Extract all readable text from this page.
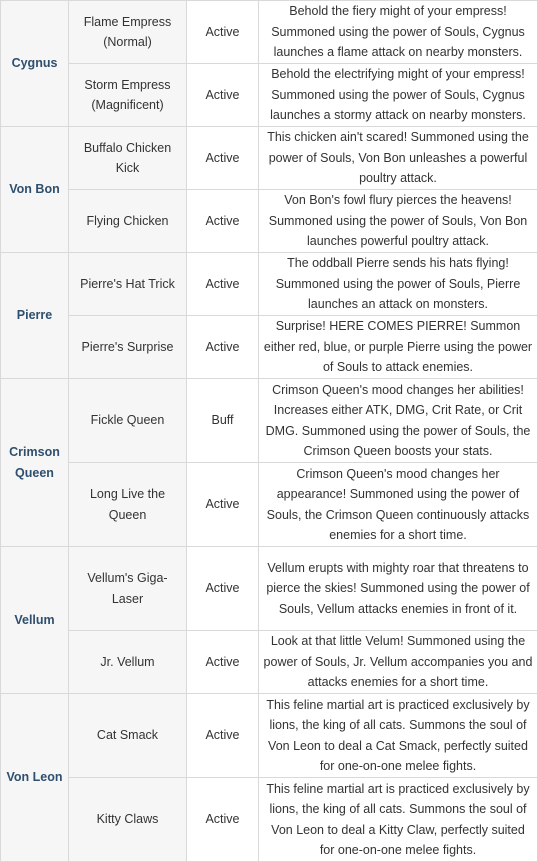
Cygnus	Flame Empress (Normal)	Active	Behold the fiery might of your empress! Summoned using the power of Souls, Cygnus launches a flame attack on nearby monsters.
	Storm Empress (Magnificent)	Active	Behold the electrifying might of your empress! Summoned using the power of Souls, Cygnus launches a stormy attack on nearby monsters.
Von Bon	Buffalo Chicken Kick	Active	This chicken ain't scared! Summoned using the power of Souls, Von Bon unleashes a powerful poultry attack.
	Flying Chicken	Active	Von Bon's fowl flury pierces the heavens! Summoned using the power of Souls, Von Bon launches powerful poultry attack.
Pierre	Pierre's Hat Trick	Active	The oddball Pierre sends his hats flying! Summoned using the power of Souls, Pierre launches an attack on monsters.
	Pierre's Surprise	Active	Surprise! HERE COMES PIERRE! Summon either red, blue, or purple Pierre using the power of Souls to attack enemies.
Crimson Queen	Fickle Queen	Buff	Crimson Queen's mood changes her abilities! Increases either ATK, DMG, Crit Rate, or Crit DMG. Summoned using the power of Souls, the Crimson Queen boosts your stats.
	Long Live the Queen	Active	Crimson Queen's mood changes her appearance! Summoned using the power of Souls, the Crimson Queen continuously attacks enemies for a short time.
Vellum	Vellum's Giga-Laser	Active	Vellum erupts with mighty roar that threatens to pierce the skies! Summoned using the power of Souls, Vellum attacks enemies in front of it.
	Jr. Vellum	Active	Look at that little Velum! Summoned using the power of Souls, Jr. Vellum accompanies you and attacks enemies for a short time.
Von Leon	Cat Smack	Active	This feline martial art is practiced exclusively by lions, the king of all cats. Summons the soul of Von Leon to deal a Cat Smack, perfectly suited for one-on-one melee fights.
	Kitty Claws	Active	This feline martial art is practiced exclusively by lions, the king of all cats. Summons the soul of Von Leon to deal a Kitty Claw, perfectly suited for one-on-one melee fights.
